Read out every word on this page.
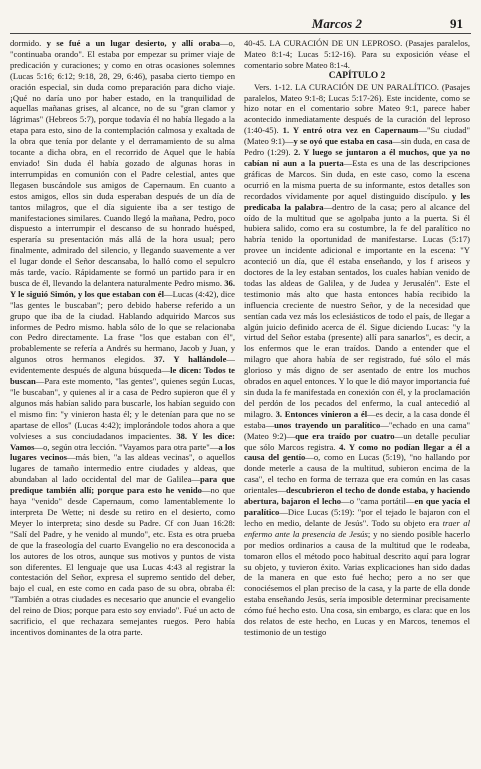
Marcos 2	91

dormido. y se fué a un lugar desierto, y allí oraba—o, "continuaba orando". El estaba por empezar su primer viaje de predicación y curaciones; y como en otras ocasiones solemnes (Lucas 5:16; 6:12; 9:18, 28, 29, 6:46), pasaba cierto tiempo en oración especial, sin duda como preparación para dicho viaje. ¡Qué no daría uno por haber estado, en la tranquilidad de aquellas mañanas grises, al alcance, no de su "gran clamor y lágrimas" (Hebreos 5:7), porque todavía él no había llegado a la etapa para esto, sino de la contemplación calmosa y exaltada de la obra que tenía por delante y el derramamiento de su alma tocante a dicha obra, en el recorrido de Aquel que le había enviado! Sin duda él había gozado de algunas horas in interrumpidas en comunión con el Padre celestial, antes que llegasen buscándole sus amigos de Capernaum. En cuanto a estos amigos, ellos sin duda esperaban después de un día de tantos milagros, que el día siguiente iba a ser testigo de manifestaciones similares. Cuando llegó la mañana, Pedro, poco dispuesto a interrumpir el descanso de su honrado huésped, esperaría su presentación más allá de la hora usual; pero finalmente, admirado del silencio, y llegando suavemente a ver el lugar donde el Señor descansaba, lo halló como el sepulcro más tarde, vacío. Rápidamente se formó un partido para ir en busca de él, llevando la delantera naturalmente Pedro mismo. 36. Y le siguió Simón, y los que estaban con él—Lucas (4:42), dice "las gentes le buscaban"; pero debido haberse referido a un grupo que iba de la ciudad. Hablando adquirido Marcos sus informes de Pedro mismo. habla sólo de lo que se relacionaba con Pedro directamente. La frase "los que estaban con él", probablemente se refería a Andrés su hermano, Jacob y Juan, y algunos otros hermanos elegidos. 37. Y hallándole—evidentemente después de alguna búsqueda—le dicen: Todos te buscan—Para este momento, "las gentes", quienes según Lucas, "le buscaban", y quienes al ir a casa de Pedro supieron que él y algunos más habían salido para buscarle, los habían seguido con el mismo fin: "y vinieron hasta él; y le detenían para que no se apartase de ellos" (Lucas 4:42); implorándole todos ahora a que volvieses a sus conciudadanos impacientes. 38. Y les dice: Vamos—o, según otra lección. "Vayamos para otra parte"—a los lugares vecinos—más bien, "a las aldeas vecinas", o aquellos lugares de tamaño intermedio entre ciudades y aldeas, que abundaban al lado occidental del mar de Galilea—para que predique también allí; porque para esto he venido—no que haya "venido" desde Capernaum, como lamentablemente lo interpreta De Wette; ni desde su retiro en el desierto, como Meyer lo interpreta; sino desde su Padre. Cf con Juan 16:28: "Salí del Padre, y he venido al mundo", etc. Esta es otra prueba de que la fraseología del cuarto Evangelio no era desconocida a los autores de los otros, aunque sus motivos y puntos de vista son diferentes. El lenguaje que usa Lucas 4:43 al registrar la contestación del Señor, expresa el supremo sentido del deber, bajo el cual, en este como en cada paso de su obra, obraba él: "También a otras ciudades es necesario que anuncie el evangelio del reino de Dios; porque para esto soy enviado". Fué un acto de sacrificio, el que rechazara semejantes ruegos. Pero había incentivos dominantes de la otra parte.

40-45. LA CURACIÓN DE UN LEPROSO. (Pasajes paralelos, Mateo 8:1-4; Lucas 5:12-16). Para su exposición véase el comentario sobre Mateo 8:1-4.

CAPÍTULO 2

Vers. 1-12. LA CURACIÓN DE UN PARALÍTICO. (Pasajes paralelos, Mateo 9:1-8; Lucas 5:17-26). Este incidente, como se hizo notar en el comentario sobre Mateo 9:1, parece haber acontecido inmediatamente después de la curación del leproso (1:40-45). 1. Y entró otra vez en Capernaum—"Su ciudad" (Mateo 9:1)—y se oyó que estaba en casa—sin duda, en casa de Pedro (1:29). 2. Y luego se juntaron a él muchos, que ya no cabían ni aun a la puerta—Esta es una de las descripciones gráficas de Marcos. Sin duda, en este caso, como la escena ocurrió en la misma puerta de su informante, estos detalles son recordados vívidamente por aquel distinguido discípulo. y les predicaba la palabra—dentro de la casa; pero al alcance del oído de la multitud que se agolpaba junto a la puerta. Si él hubiera salido, como era su costumbre, la fe del paralítico no habría tenido la oportunidad de manifestarse. Lucas (5:17) provee un incidente adicional e importante en la escena: "Y aconteció un día, que él estaba enseñando, y los f ariseos y doctores de la ley estaban sentados, los cuales habían venido de todas las aldeas de Galilea, y de Judea y Jerusalén". Este el testimonio más alto que hasta entonces había recibido la influencia creciente de nuestro Señor, y de la necesidad que sentían cada vez más los eclesiásticos de todo el país, de llegar a algún juicio definido acerca de él. Sigue diciendo Lucas: "y la virtud del Señor estaba (presente) allí para sanarlos", es decir, a los enfermos que le eran traídos. Dando a entender que el milagro que ahora había de ser registrado, fué sólo el más glorioso y más digno de ser asentado de entre los muchos obrados en aquel entonces. Y lo que le dió mayor importancia fué sin duda la fe manifestada en conexión con él, y la proclamación del perdón de los pecados del enfermo, la cual antecedió al milagro. 3. Entonces vinieron a él—es decir, a la casa donde él estaba—unos trayendo un paralítico—"echado en una cama" (Mateo 9:2)—que era traído por cuatro—un detalle peculiar que sólo Marcos registra. 4. Y como no podían llegar a él a causa del gentío—o, como en Lucas (5:19), "no hallando por donde meterle a causa de la multitud, subieron encima de la casa", el techo en forma de terraza que era común en las casas orientales—descubrieron el techo de donde estaba, y haciendo abertura, bajaron el lecho—o "cama portátil—en que yacía el paralítico—Dice Lucas (5:19): "por el tejado le bajaron con el lecho en medio, delante de Jesús". Todo su objeto era traer al enfermo ante la presencia de Jesús; y no siendo posible hacerlo por medios ordinarios a causa de la multitud que le rodeaba, tomaron ellos el método poco habitual descrito aquí para lograr su objeto, y tuvieron éxito. Varias explicaciones han sido dadas de la manera en que esto fué hecho; pero a no ser que conociésemos el plan preciso de la casa, y la parte de ella donde estaba enseñando Jesús, sería imposible determinar precisamente cómo fué hecho esto. Una cosa, sin embargo, es clara: que en los dos relatos de este hecho, en Lucas y en Marcos, tenemos el testimonio de un testigo
